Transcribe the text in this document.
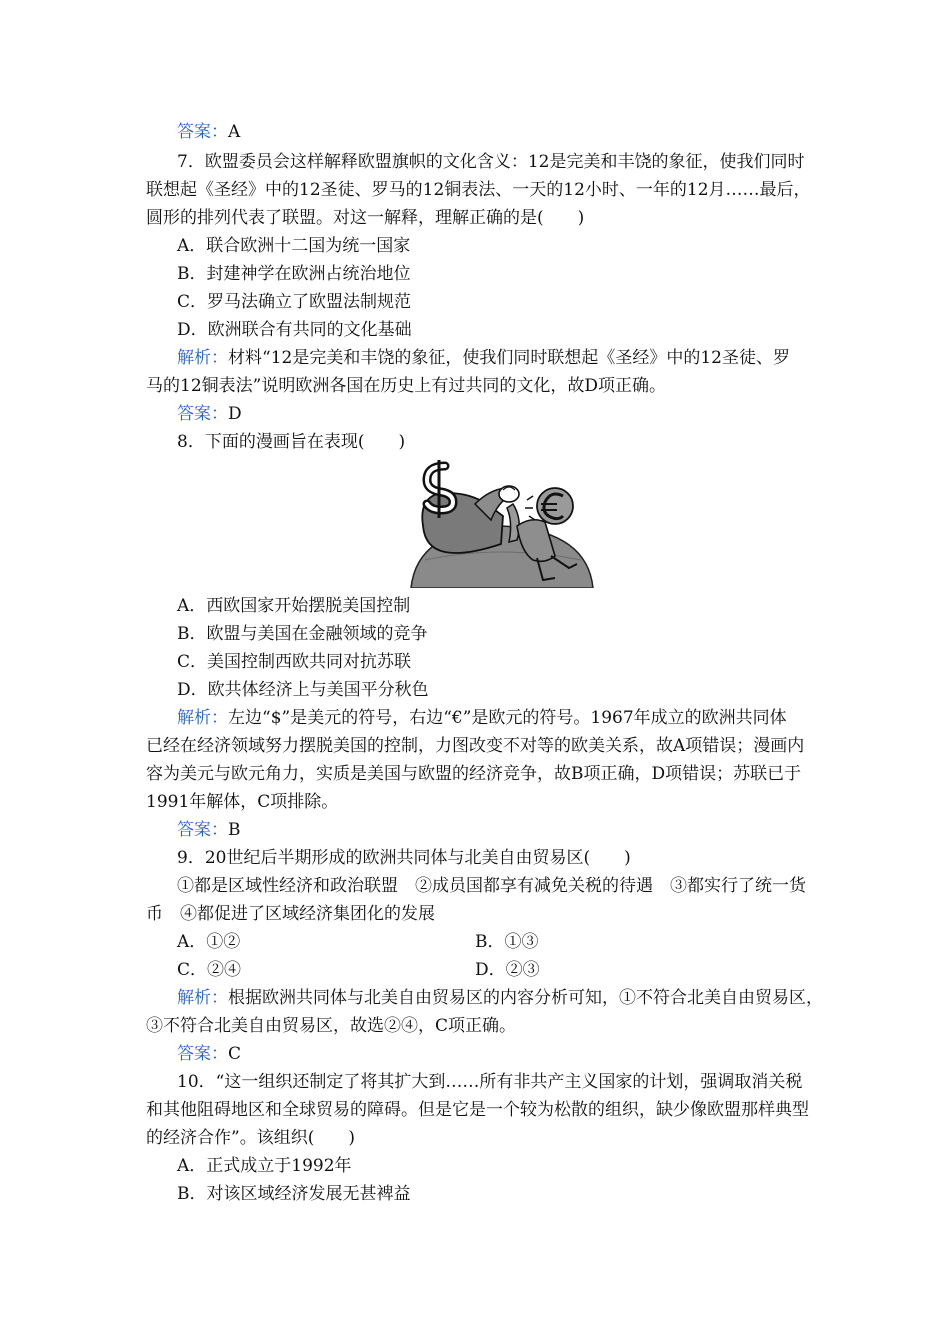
答案：A
7．欧盟委员会这样解释欧盟旗帜的文化含义：12是完美和丰饶的象征，使我们同时
联想起《圣经》中的12圣徒、罗马的12铜表法、一天的12小时、一年的12月……最后，
圆形的排列代表了联盟。对这一解释，理解正确的是(　　)
A．联合欧洲十二国为统一国家
B．封建神学在欧洲占统治地位
C．罗马法确立了欧盟法制规范
D．欧洲联合有共同的文化基础
解析：材料“12是完美和丰饶的象征，使我们同时联想起《圣经》中的12圣徒、罗
马的12铜表法”说明欧洲各国在历史上有过共同的文化，故D项正确。
答案：D
8．下面的漫画旨在表现(　　)
A．西欧国家开始摆脱美国控制
B．欧盟与美国在金融领域的竞争
C．美国控制西欧共同对抗苏联
D．欧共体经济上与美国平分秋色
解析：左边“$”是美元的符号，右边“€”是欧元的符号。1967年成立的欧洲共同体
已经在经济领域努力摆脱美国的控制，力图改变不对等的欧美关系，故A项错误；漫画内
容为美元与欧元角力，实质是美国与欧盟的经济竞争，故B项正确，D项错误；苏联已于
1991年解体，C项排除。
答案：B
9．20世纪后半期形成的欧洲共同体与北美自由贸易区(　　)
①都是区域性经济和政治联盟　②成员国都享有减免关税的待遇　③都实行了统一货
币　④都促进了区域经济集团化的发展
A．①②	B．①③
C．②④	D．②③
解析：根据欧洲共同体与北美自由贸易区的内容分析可知，①不符合北美自由贸易区，
③不符合北美自由贸易区，故选②④，C项正确。
答案：C
10．“这一组织还制定了将其扩大到……所有非共产主义国家的计划，强调取消关税
和其他阻碍地区和全球贸易的障碍。但是它是一个较为松散的组织，缺少像欧盟那样典型
的经济合作”。该组织(　　)
A．正式成立于1992年
B．对该区域经济发展无甚裨益
